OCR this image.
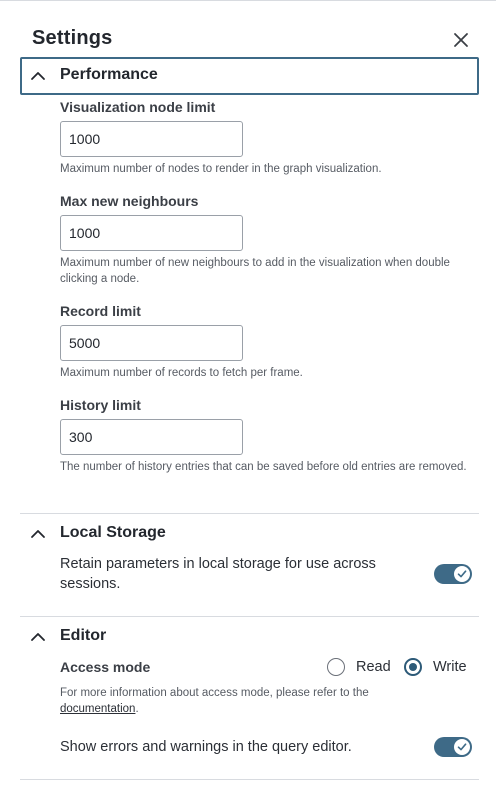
Settings
Performance
Visualization node limit
1000
Maximum number of nodes to render in the graph visualization.
Max new neighbours
1000
Maximum number of new neighbours to add in the visualization when double clicking a node.
Record limit
5000
Maximum number of records to fetch per frame.
History limit
300
The number of history entries that can be saved before old entries are removed.
Local Storage
Retain parameters in local storage for use across sessions.
Editor
Access mode	Read	Write
For more information about access mode, please refer to the
documentation.
Show errors and warnings in the query editor.
